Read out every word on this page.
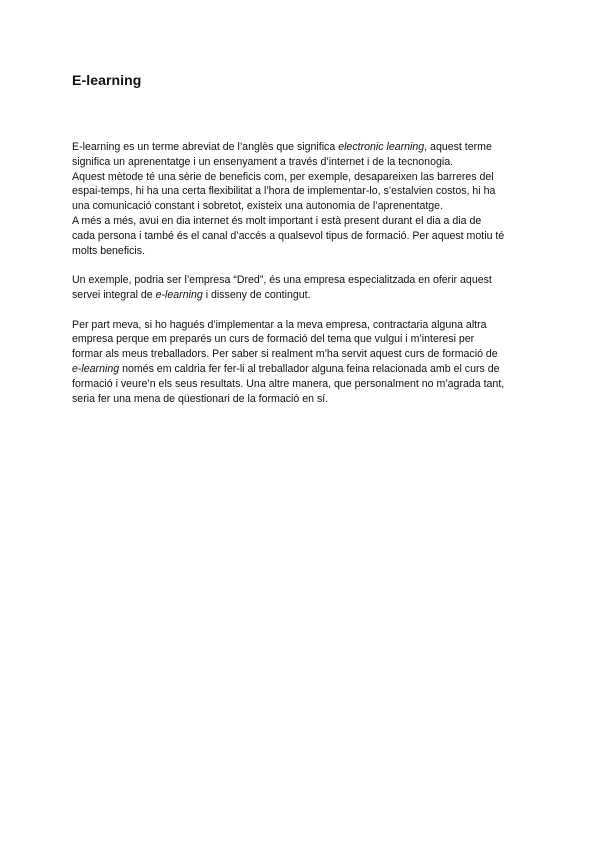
E-learning

E-learning es un terme abreviat de l’anglès que significa electronic learning, aquest terme
significa un aprenentatge i un ensenyament a través d’internet i de la tecnonogia.
Aquest mètode té una sèrie de beneficis com, per exemple, desapareixen las barreres del
espai-temps, hi ha una certa flexibilitat a l’hora de implementar-lo, s’estalvien costos, hi ha
una comunicació constant i sobretot, existeix una autonomia de l’aprenentatge.
A més a més, avui en dia internet és molt important i està present durant el dia a dia de
cada persona i també és el canal d’accés a qualsevol tipus de formació. Per aquest motiu té
molts beneficis.

Un exemple, podria ser l’empresa “Dred”, és una empresa especialitzada en oferir aquest
servei integral de e-learning i disseny de contingut.

Per part meva, si ho hagués d’implementar a la meva empresa, contractaria alguna altra
empresa perque em preparés un curs de formació del tema que vulgui i m’interesi per
formar als meus treballadors. Per saber si realment m’ha servit aquest curs de formació de
e-learning només em caldria fer fer-li al treballador alguna feina relacionada amb el curs de
formació i veure’n els seus resultats. Una altre manera, que personalment no m’agrada tant,
seria fer una mena de qüestionari de la formació en sí.
